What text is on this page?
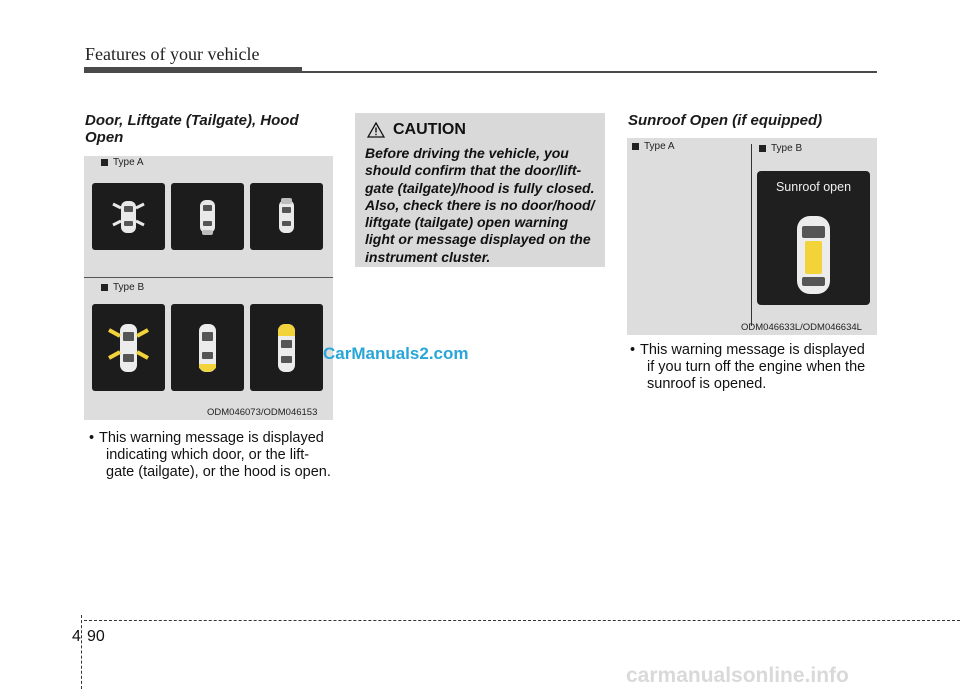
Features of your vehicle
Door, Liftgate (Tailgate), Hood
Open
Type A
Type B
ODM046073/ODM046153
• This warning message is displayed
indicating which door, or the lift-
gate (tailgate), or the hood is open.
CAUTION
Before driving the vehicle, you
should confirm that the door/lift-
gate (tailgate)/hood is fully closed.
Also, check there is no door/hood/
liftgate (tailgate) open warning
light or message displayed on the
instrument cluster.
CarManuals2.com
Sunroof Open (if equipped)
Type A	Type B
Sunroof open
ODM046633L/ODM046634L
• This warning message is displayed
if you turn off the engine when the
sunroof is opened.
4 90
carmanualsonline.info
